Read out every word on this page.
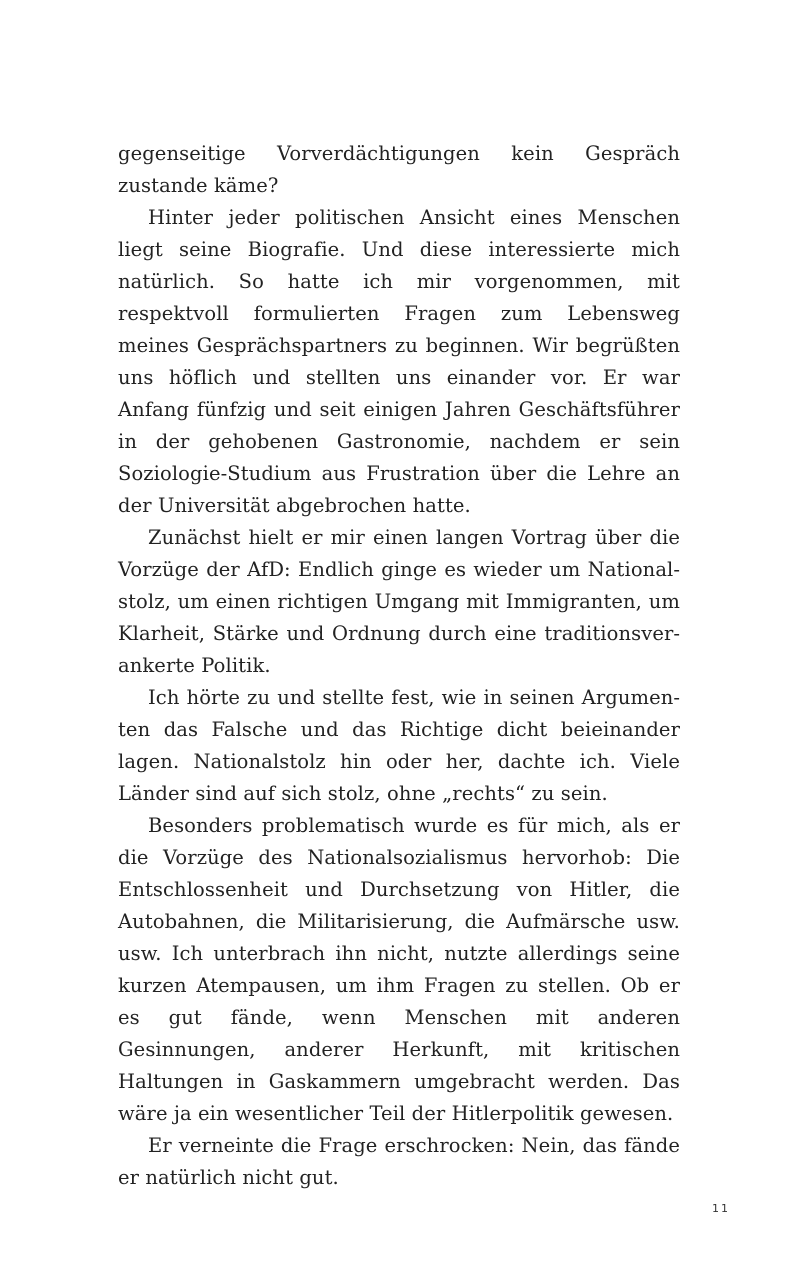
gegenseitige Vorverdächtigungen kein Gespräch zustande käme?

Hinter jeder politischen Ansicht eines Menschen liegt seine Biografie. Und diese interessierte mich natürlich. So hatte ich mir vorgenommen, mit respektvoll formulierten Fragen zum Lebensweg meines Gesprächspartners zu beginnen. Wir begrüßten uns höflich und stellten uns einander vor. Er war Anfang fünfzig und seit einigen Jahren Geschäftsführer in der gehobenen Gastronomie, nachdem er sein Soziologie-Studium aus Frustration über die Lehre an der Universität abgebrochen hatte.

Zunächst hielt er mir einen langen Vortrag über die Vorzüge der AfD: Endlich ginge es wieder um Nationalstolz, um einen richtigen Umgang mit Immigranten, um Klarheit, Stärke und Ordnung durch eine traditionsverankerte Politik.

Ich hörte zu und stellte fest, wie in seinen Argumenten das Falsche und das Richtige dicht beieinander lagen. Nationalstolz hin oder her, dachte ich. Viele Länder sind auf sich stolz, ohne „rechts“ zu sein.

Besonders problematisch wurde es für mich, als er die Vorzüge des Nationalsozialismus hervorhob: Die Entschlossenheit und Durchsetzung von Hitler, die Autobahnen, die Militarisierung, die Aufmärsche usw. usw. Ich unterbrach ihn nicht, nutzte allerdings seine kurzen Atempausen, um ihm Fragen zu stellen. Ob er es gut fände, wenn Menschen mit anderen Gesinnungen, anderer Herkunft, mit kritischen Haltungen in Gaskammern umgebracht werden. Das wäre ja ein wesentlicher Teil der Hitlerpolitik gewesen.

Er verneinte die Frage erschrocken: Nein, das fände er natürlich nicht gut.

11
